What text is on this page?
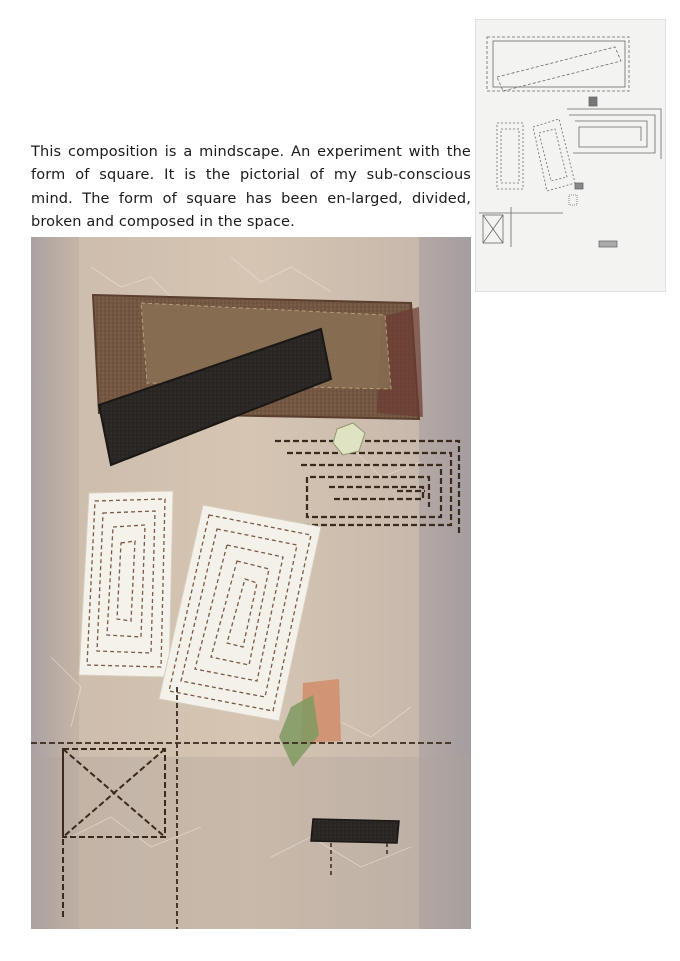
This composition is a mindscape. An experiment with the form of square. It is the pictorial of my sub-conscious mind. The form of square has been en-larged, divided, broken and composed in the space.
